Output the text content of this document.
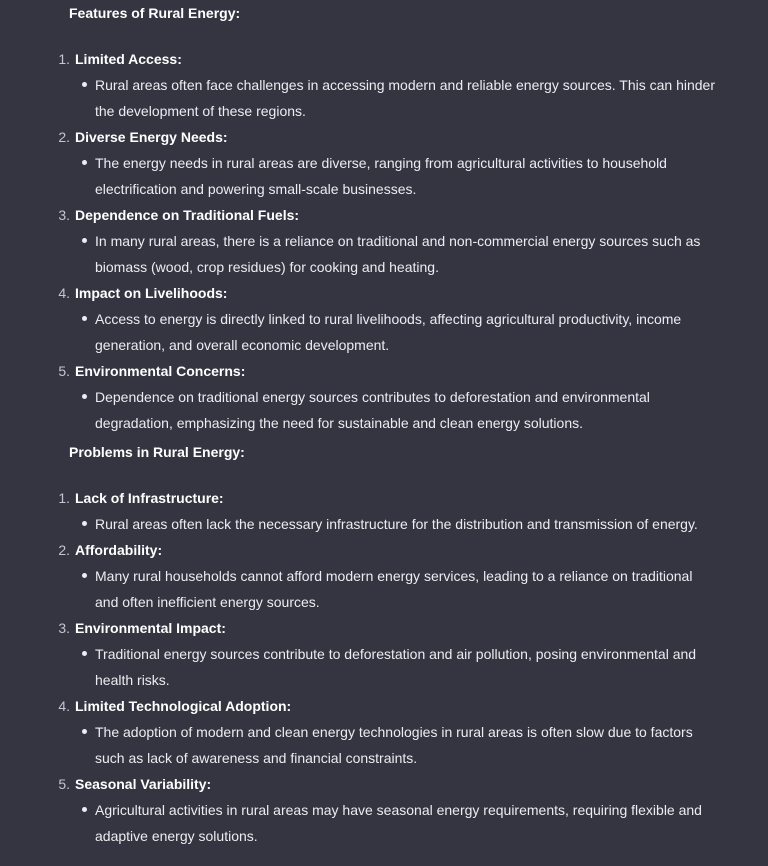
Features of Rural Energy:
1. Limited Access:
Rural areas often face challenges in accessing modern and reliable energy sources. This can hinder the development of these regions.
2. Diverse Energy Needs:
The energy needs in rural areas are diverse, ranging from agricultural activities to household electrification and powering small-scale businesses.
3. Dependence on Traditional Fuels:
In many rural areas, there is a reliance on traditional and non-commercial energy sources such as biomass (wood, crop residues) for cooking and heating.
4. Impact on Livelihoods:
Access to energy is directly linked to rural livelihoods, affecting agricultural productivity, income generation, and overall economic development.
5. Environmental Concerns:
Dependence on traditional energy sources contributes to deforestation and environmental degradation, emphasizing the need for sustainable and clean energy solutions.
Problems in Rural Energy:
1. Lack of Infrastructure:
Rural areas often lack the necessary infrastructure for the distribution and transmission of energy.
2. Affordability:
Many rural households cannot afford modern energy services, leading to a reliance on traditional and often inefficient energy sources.
3. Environmental Impact:
Traditional energy sources contribute to deforestation and air pollution, posing environmental and health risks.
4. Limited Technological Adoption:
The adoption of modern and clean energy technologies in rural areas is often slow due to factors such as lack of awareness and financial constraints.
5. Seasonal Variability:
Agricultural activities in rural areas may have seasonal energy requirements, requiring flexible and adaptive energy solutions.
